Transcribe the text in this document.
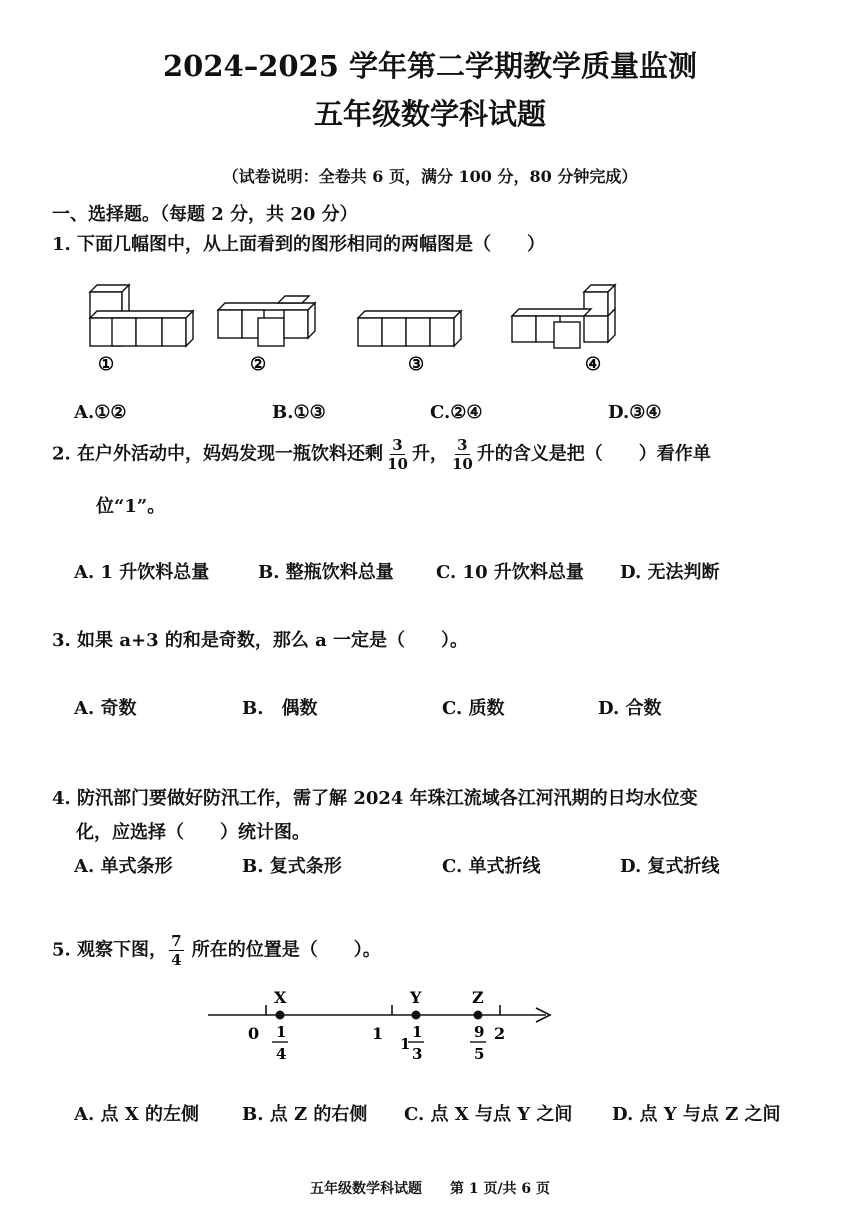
2024–2025 学年第二学期教学质量监测
五年级数学科试题
（试卷说明：全卷共 6 页，满分 100 分，80 分钟完成）
一、选择题。（每题 2 分，共 20 分）
1. 下面几幅图中，从上面看到的图形相同的两幅图是（　　）
①	②	③	④
A.①②	B.①③	C.②④	D.③④
2. 在户外活动中，妈妈发现一瓶饮料还剩 $\frac{3}{10}$ 升， $\frac{3}{10}$ 升的含义是把（　　）看作单
位“1”。
A. 1 升饮料总量	B. 整瓶饮料总量 C. 10 升饮料总量 D. 无法判断
3. 如果 a+3 的和是奇数，那么 a 一定是（　　）。
A. 奇数	B.　偶数	C. 质数	D. 合数
4. 防汛部门要做好防汛工作，需了解 2024 年珠江流域各江河汛期的日均水位变
化，应选择（　　）统计图。
A. 单式条形	B. 复式条形	C. 单式折线	D. 复式折线
5. 观察下图， $\frac{7}{4}$ 所在的位置是（　　）。
X	Y	Z
0	1	2
1
4
1
1
3
9
5
A. 点 X 的左侧 B. 点 Z 的右侧 C. 点 X 与点 Y 之间 D. 点 Y 与点 Z 之间
五年级数学科试题　　第 1 页/共 6 页
